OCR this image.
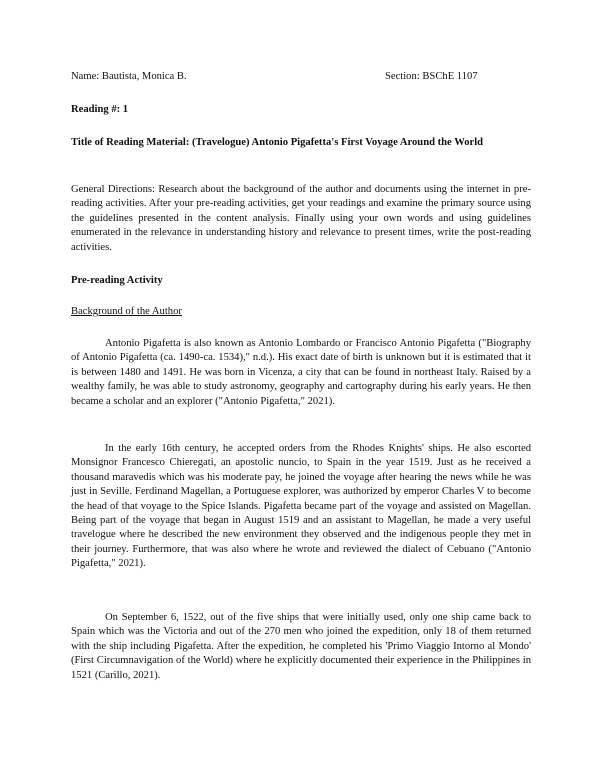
Name: Bautista, Monica B.	Section: BSChE 1107

Reading #: 1

Title of Reading Material: (Travelogue) Antonio Pigafetta's First Voyage Around the World

General Directions: Research about the background of the author and documents using the internet in pre-reading activities. After your pre-reading activities, get your readings and examine the primary source using the guidelines presented in the content analysis. Finally using your own words and using guidelines enumerated in the relevance in understanding history and relevance to present times, write the post-reading activities.

Pre-reading Activity

Background of the Author

Antonio Pigafetta is also known as Antonio Lombardo or Francisco Antonio Pigafetta ("Biography of Antonio Pigafetta (ca. 1490-ca. 1534)," n.d.). His exact date of birth is unknown but it is estimated that it is between 1480 and 1491. He was born in Vicenza, a city that can be found in northeast Italy. Raised by a wealthy family, he was able to study astronomy, geography and cartography during his early years. He then became a scholar and an explorer ("Antonio Pigafetta," 2021).

In the early 16th century, he accepted orders from the Rhodes Knights' ships. He also escorted Monsignor Francesco Chieregati, an apostolic nuncio, to Spain in the year 1519. Just as he received a thousand maravedis which was his moderate pay, he joined the voyage after hearing the news while he was just in Seville. Ferdinand Magellan, a Portuguese explorer, was authorized by emperor Charles V to become the head of that voyage to the Spice Islands. Pigafetta became part of the voyage and assisted on Magellan. Being part of the voyage that began in August 1519 and an assistant to Magellan, he made a very useful travelogue where he described the new environment they observed and the indigenous people they met in their journey. Furthermore, that was also where he wrote and reviewed the dialect of Cebuano ("Antonio Pigafetta," 2021).

On September 6, 1522, out of the five ships that were initially used, only one ship came back to Spain which was the Victoria and out of the 270 men who joined the expedition, only 18 of them returned with the ship including Pigafetta. After the expedition, he completed his 'Primo Viaggio Intorno al Mondo' (First Circumnavigation of the World) where he explicitly documented their experience in the Philippines in 1521 (Carillo, 2021).
